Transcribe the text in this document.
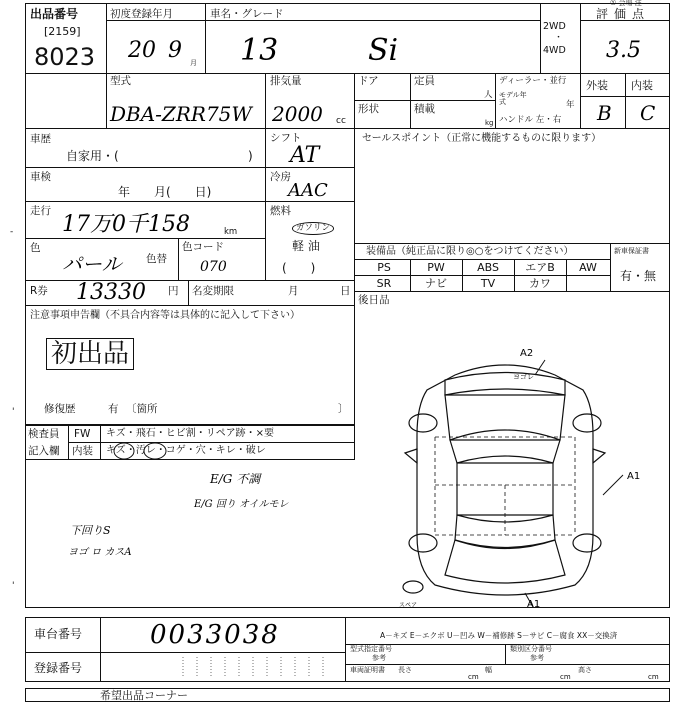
出品番号
[2159]
8023
初度登録年月
20 9 月
車名・グレード
13	Si
2WD
・
4WD
① 会場 注
評価点
3.5
型式
DBA-ZRR75W
排気量
2000 cc
ドア	定員
人
形状	積載
kg
ディーラー・並行
モデル年式	年
ハンドル 左・右
外装 内装
B C
車歴
自家用・(	)
シフト
AT
車検
年　　月(　　日)
冷房
AAC
走行
17万0千158	km
燃料
ガソリン
軽 油
(　　)
色
パール 色替
色コード
070
R券 13330 円 名変期限	月	日
セールスポイント（正常に機能するものに限ります）
装備品（純正品に限り◎○をつけてください）	新車保証書
有・無
PS	PW	ABS	エアB	AW
SR	ナビ	TV	カワ
後日品
注意事項申告欄（不具合内容等は具体的に記入して下さい）
初出品
修復歴	有 〔箇所	〕
検査員
記入欄
FW キズ・飛石・ヒビ割・リペア跡・×要
内装 キズ・汚レ・コゲ・穴・キレ・破レ
E/G 不調
E/G 回り オイルモレ
下回りS
ヨゴ ロ カスA
-
'
'
A2
ヨゴレ
A1
A1
スペア
車台番号	0033038
登録番号
A－キズ E－エクボ U－凹み W－補修跡 S－サビ C－腐食 XX－交換済
型式指定番号
参考
類別区分番号
参考
車両証明書	長さ
cm
幅
cm
高さ
cm
希望出品コーナー
